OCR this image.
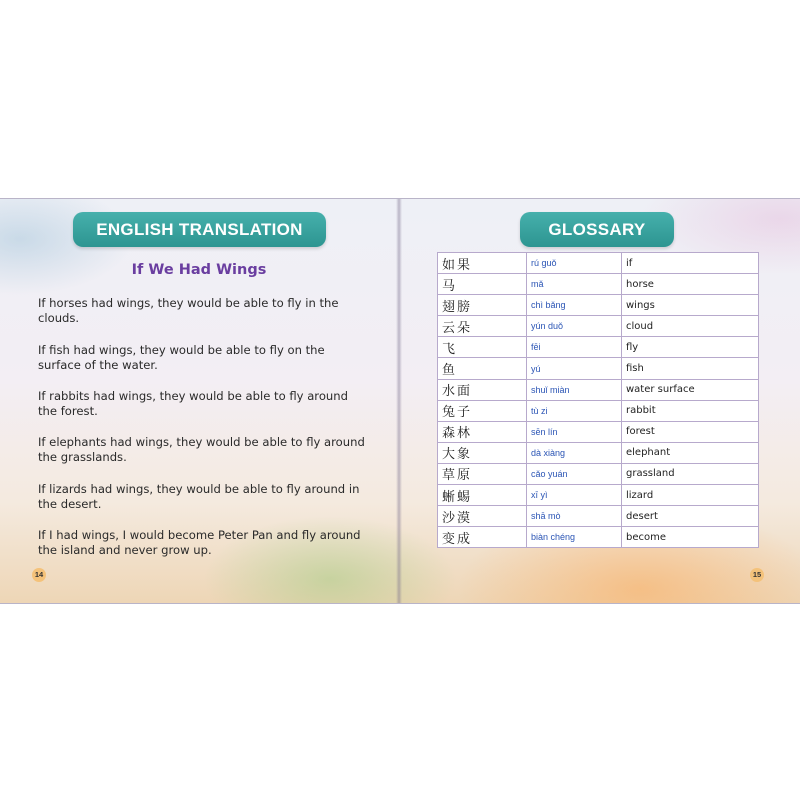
ENGLISH TRANSLATION
If We Had Wings
If horses had wings, they would be able to fly in the clouds.
If fish had wings, they would be able to fly on the surface of the water.
If rabbits had wings, they would be able to fly around the forest.
If elephants had wings, they would be able to fly around the grasslands.
If lizards had wings, they would be able to fly around in the desert.
If I had wings, I would become Peter Pan and fly around the island and never grow up.
14
GLOSSARY
如果	rú guǒ	if
马	mǎ	horse
翅膀	chì bǎng	wings
云朵	yún duǒ	cloud
飞	fēi	fly
鱼	yú	fish
水面	shuǐ miàn	water surface
兔子	tù zi	rabbit
森林	sēn lín	forest
大象	dà xiàng	elephant
草原	cǎo yuán	grassland
蜥蜴	xī yì	lizard
沙漠	shā mò	desert
变成	biàn chéng	become
15
